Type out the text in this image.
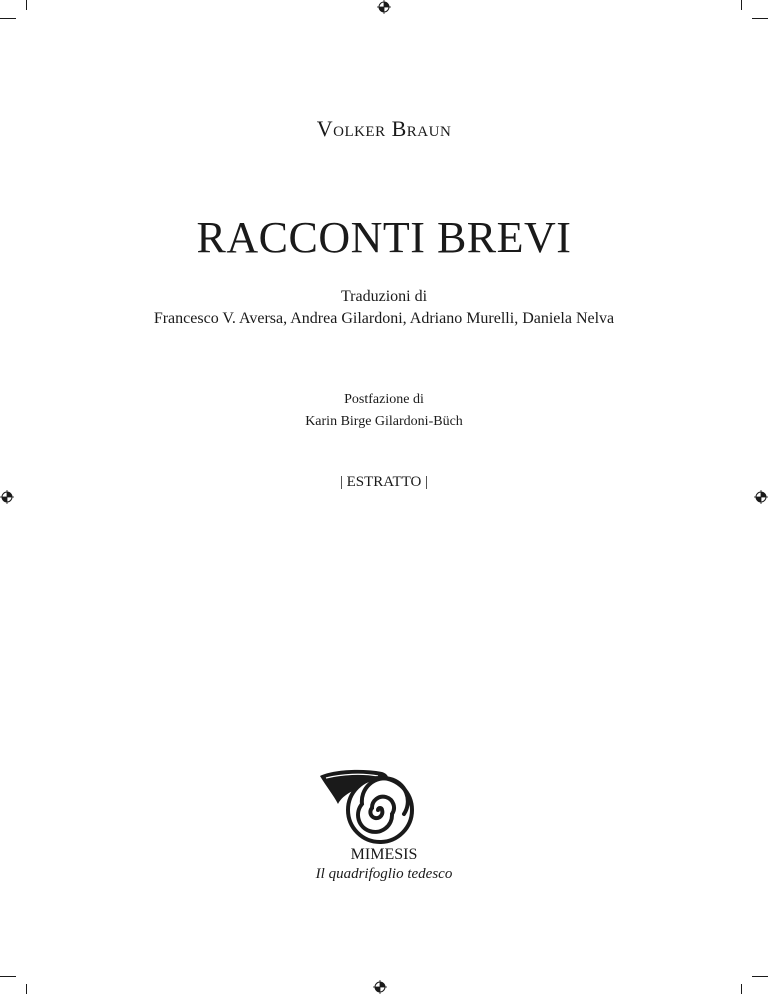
Volker Braun
RACCONTI BREVI
Traduzioni di
Francesco V. Aversa, Andrea Gilardoni, Adriano Murelli, Daniela Nelva
Postfazione di
Karin Birge Gilardoni-Büch
| ESTRATTO |
MIMESIS
Il quadrifoglio tedesco
